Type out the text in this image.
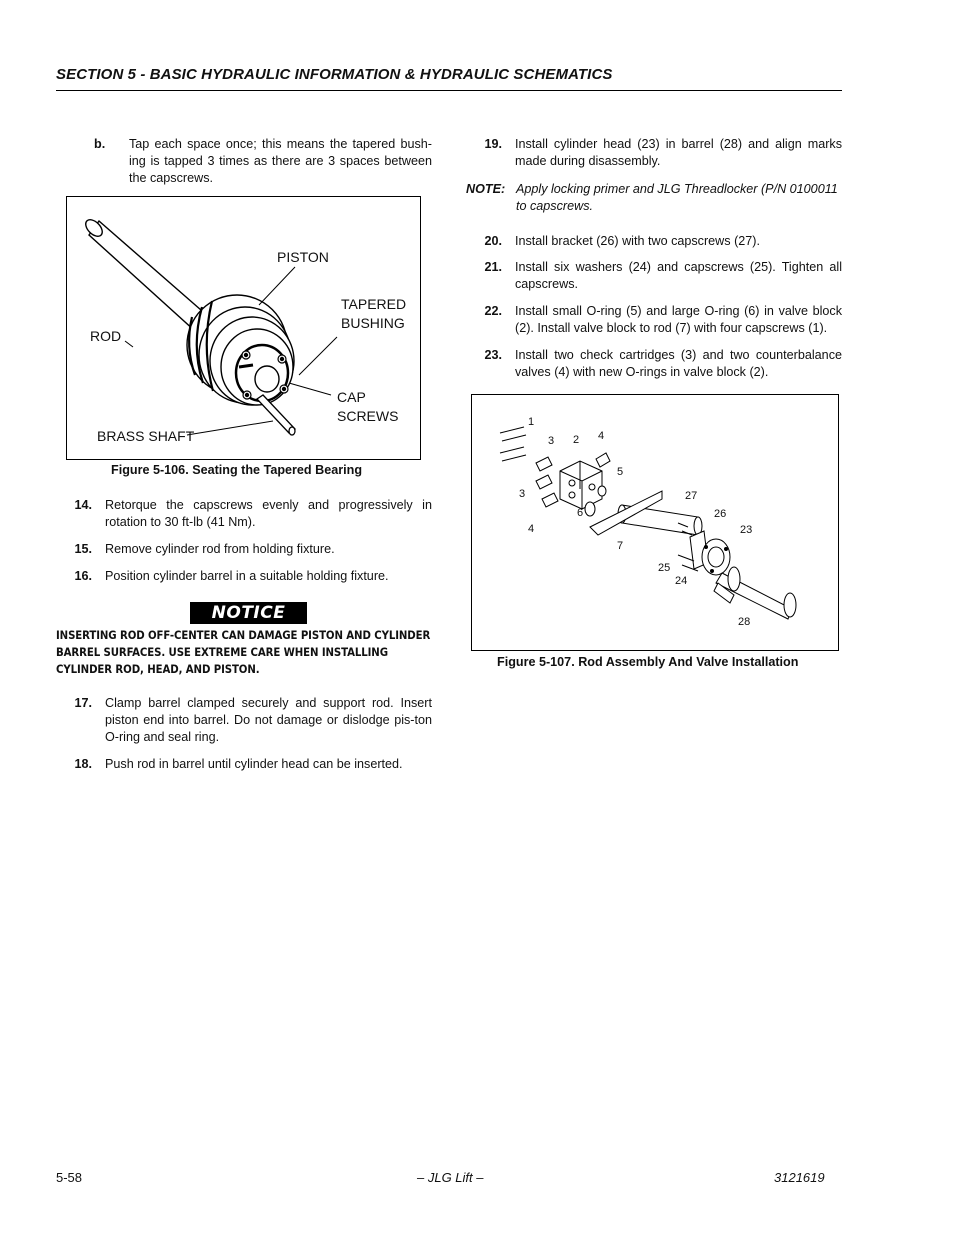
SECTION 5 - BASIC HYDRAULIC INFORMATION & HYDRAULIC SCHEMATICS
b.	Tap each space once; this means the tapered bush-ing is tapped 3 times as there are 3 spaces between the capscrews.
PISTON
TAPERED
BUSHING
ROD
CAP
SCREWS
BRASS SHAFT
Figure 5-106. Seating the Tapered Bearing
14. Retorque the capscrews evenly and progressively in rotation to 30 ft-lb (41 Nm).
15. Remove cylinder rod from holding fixture.
16. Position cylinder barrel in a suitable holding fixture.
NOTICE
INSERTING ROD OFF-CENTER CAN DAMAGE PISTON AND CYLINDER BARREL SURFACES. USE EXTREME CARE WHEN INSTALLING CYLINDER ROD, HEAD, AND PISTON.
17. Clamp barrel clamped securely and support rod. Insert piston end into barrel. Do not damage or dislodge pis-ton O-ring and seal ring.
18. Push rod in barrel until cylinder head can be inserted.
19. Install cylinder head (23) in barrel (28) and align marks made during disassembly.
NOTE: Apply locking primer and JLG Threadlocker (P/N 0100011 to capscrews.
20. Install bracket (26) with two capscrews (27).
21. Install six washers (24) and capscrews (25). Tighten all capscrews.
22. Install small O-ring (5) and large O-ring (6) in valve block (2). Install valve block to rod (7) with four capscrews (1).
23. Install two check cartridges (3) and two counterbalance valves (4) with new O-rings in valve block (2).
1
3 2 4
5
3
6
4
7
27
26
23
25
24
28
Figure 5-107. Rod Assembly And Valve Installation
5-58	– JLG Lift –	3121619
